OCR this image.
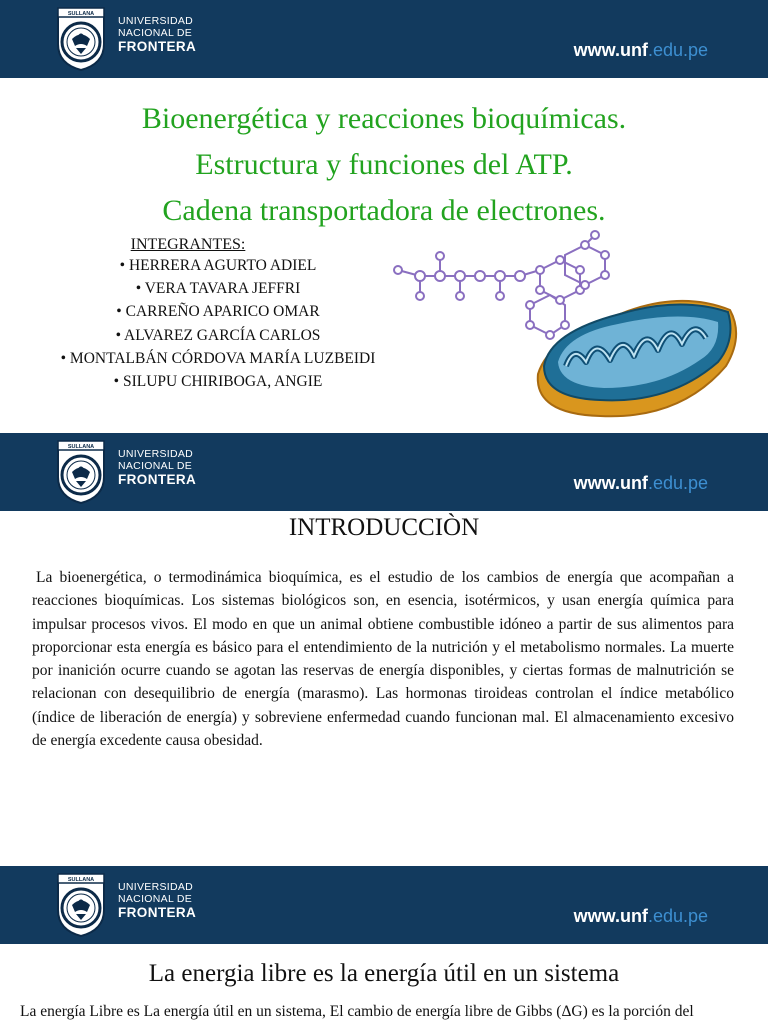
SULLANA
UNIVERSIDAD
NACIONAL DE
FRONTERA	www.unf.edu.pe

Bioenergética y reacciones bioquímicas.

Estructura y funciones del ATP.

Cadena transportadora de electrones.

INTEGRANTES:
• HERRERA AGURTO ADIEL
• VERA TAVARA JEFFRI
• CARREÑO APARICO OMAR
• ALVAREZ GARCÍA CARLOS
• MONTALBÁN CÓRDOVA MARÍA LUZBEIDI
• SILUPU CHIRIBOGA, ANGIE
SULLANA
UNIVERSIDAD
NACIONAL DE
FRONTERA	www.unf.edu.pe
INTRODUCCIÒN

La bioenergética, o termodinámica bioquímica, es el estudio de los cambios de energía que acompañan a reacciones bioquímicas. Los sistemas biológicos son, en esencia, isotérmicos, y usan energía química para impulsar procesos vivos. El modo en que un animal obtiene combustible idóneo a partir de sus alimentos para proporcionar esta energía es básico para el entendimiento de la nutrición y el metabolismo normales. La muerte por inanición ocurre cuando se agotan las reservas de energía disponibles, y ciertas formas de malnutrición se relacionan con desequilibrio de energía (marasmo). Las hormonas tiroideas controlan el índice metabólico (índice de liberación de energía) y sobreviene enfermedad cuando funcionan mal. El almacenamiento excesivo de energía excedente causa obesidad.

SULLANA
UNIVERSIDAD
NACIONAL DE
FRONTERA	www.unf.edu.pe
La energia libre es la energía útil en un sistema

La energía Libre es La energía útil en un sistema, El cambio de energía libre de Gibbs (ΔG) es la porción del
